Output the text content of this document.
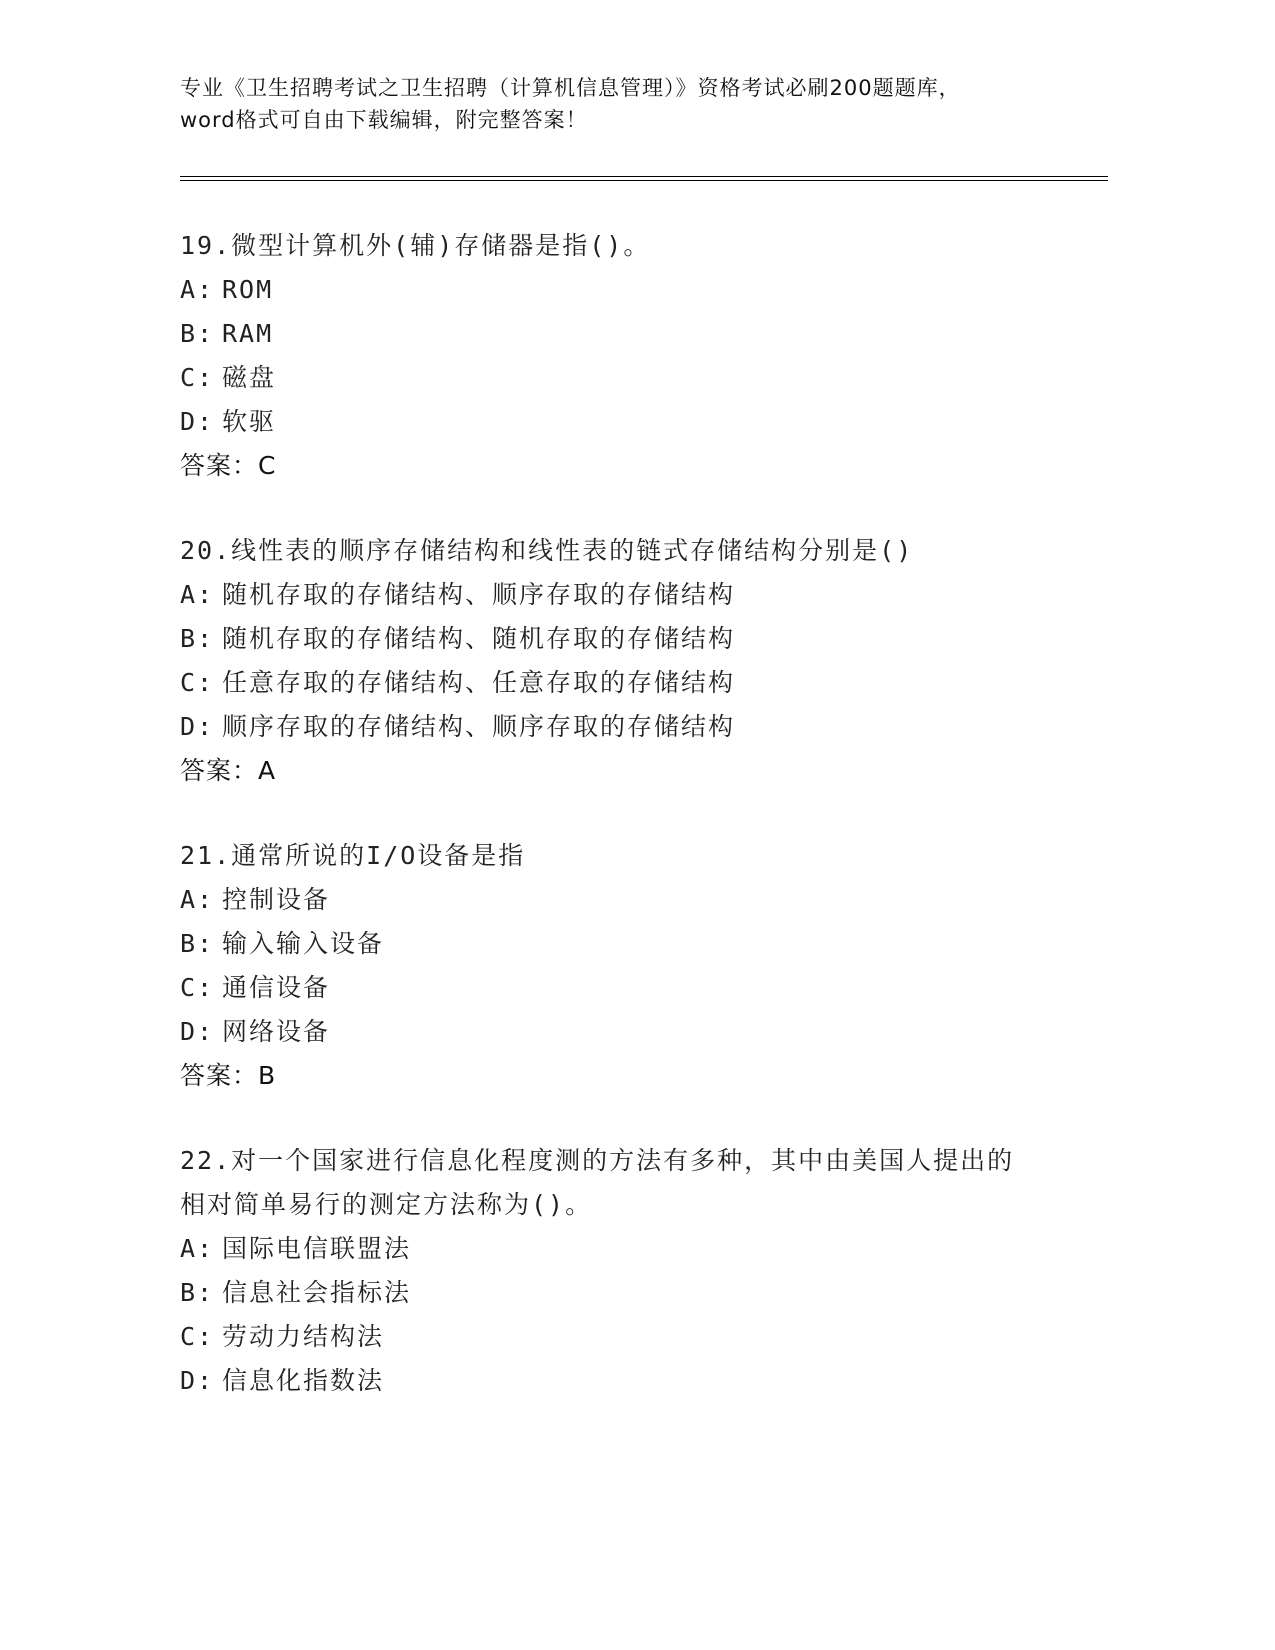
专业《卫生招聘考试之卫生招聘（计算机信息管理）》资格考试必刷200题题库，
word格式可自由下载编辑，附完整答案！
19.微型计算机外(辅)存储器是指()。
A: ROM
B: RAM
C: 磁盘
D: 软驱
答案：C
20.线性表的顺序存储结构和线性表的链式存储结构分别是()
A: 随机存取的存储结构、顺序存取的存储结构
B: 随机存取的存储结构、随机存取的存储结构
C: 任意存取的存储结构、任意存取的存储结构
D: 顺序存取的存储结构、顺序存取的存储结构
答案：A
21.通常所说的I/O设备是指
A: 控制设备
B: 输入输入设备
C: 通信设备
D: 网络设备
答案：B
22.对一个国家进行信息化程度测的方法有多种，其中由美国人提出的
相对简单易行的测定方法称为()。
A: 国际电信联盟法
B: 信息社会指标法
C: 劳动力结构法
D: 信息化指数法
